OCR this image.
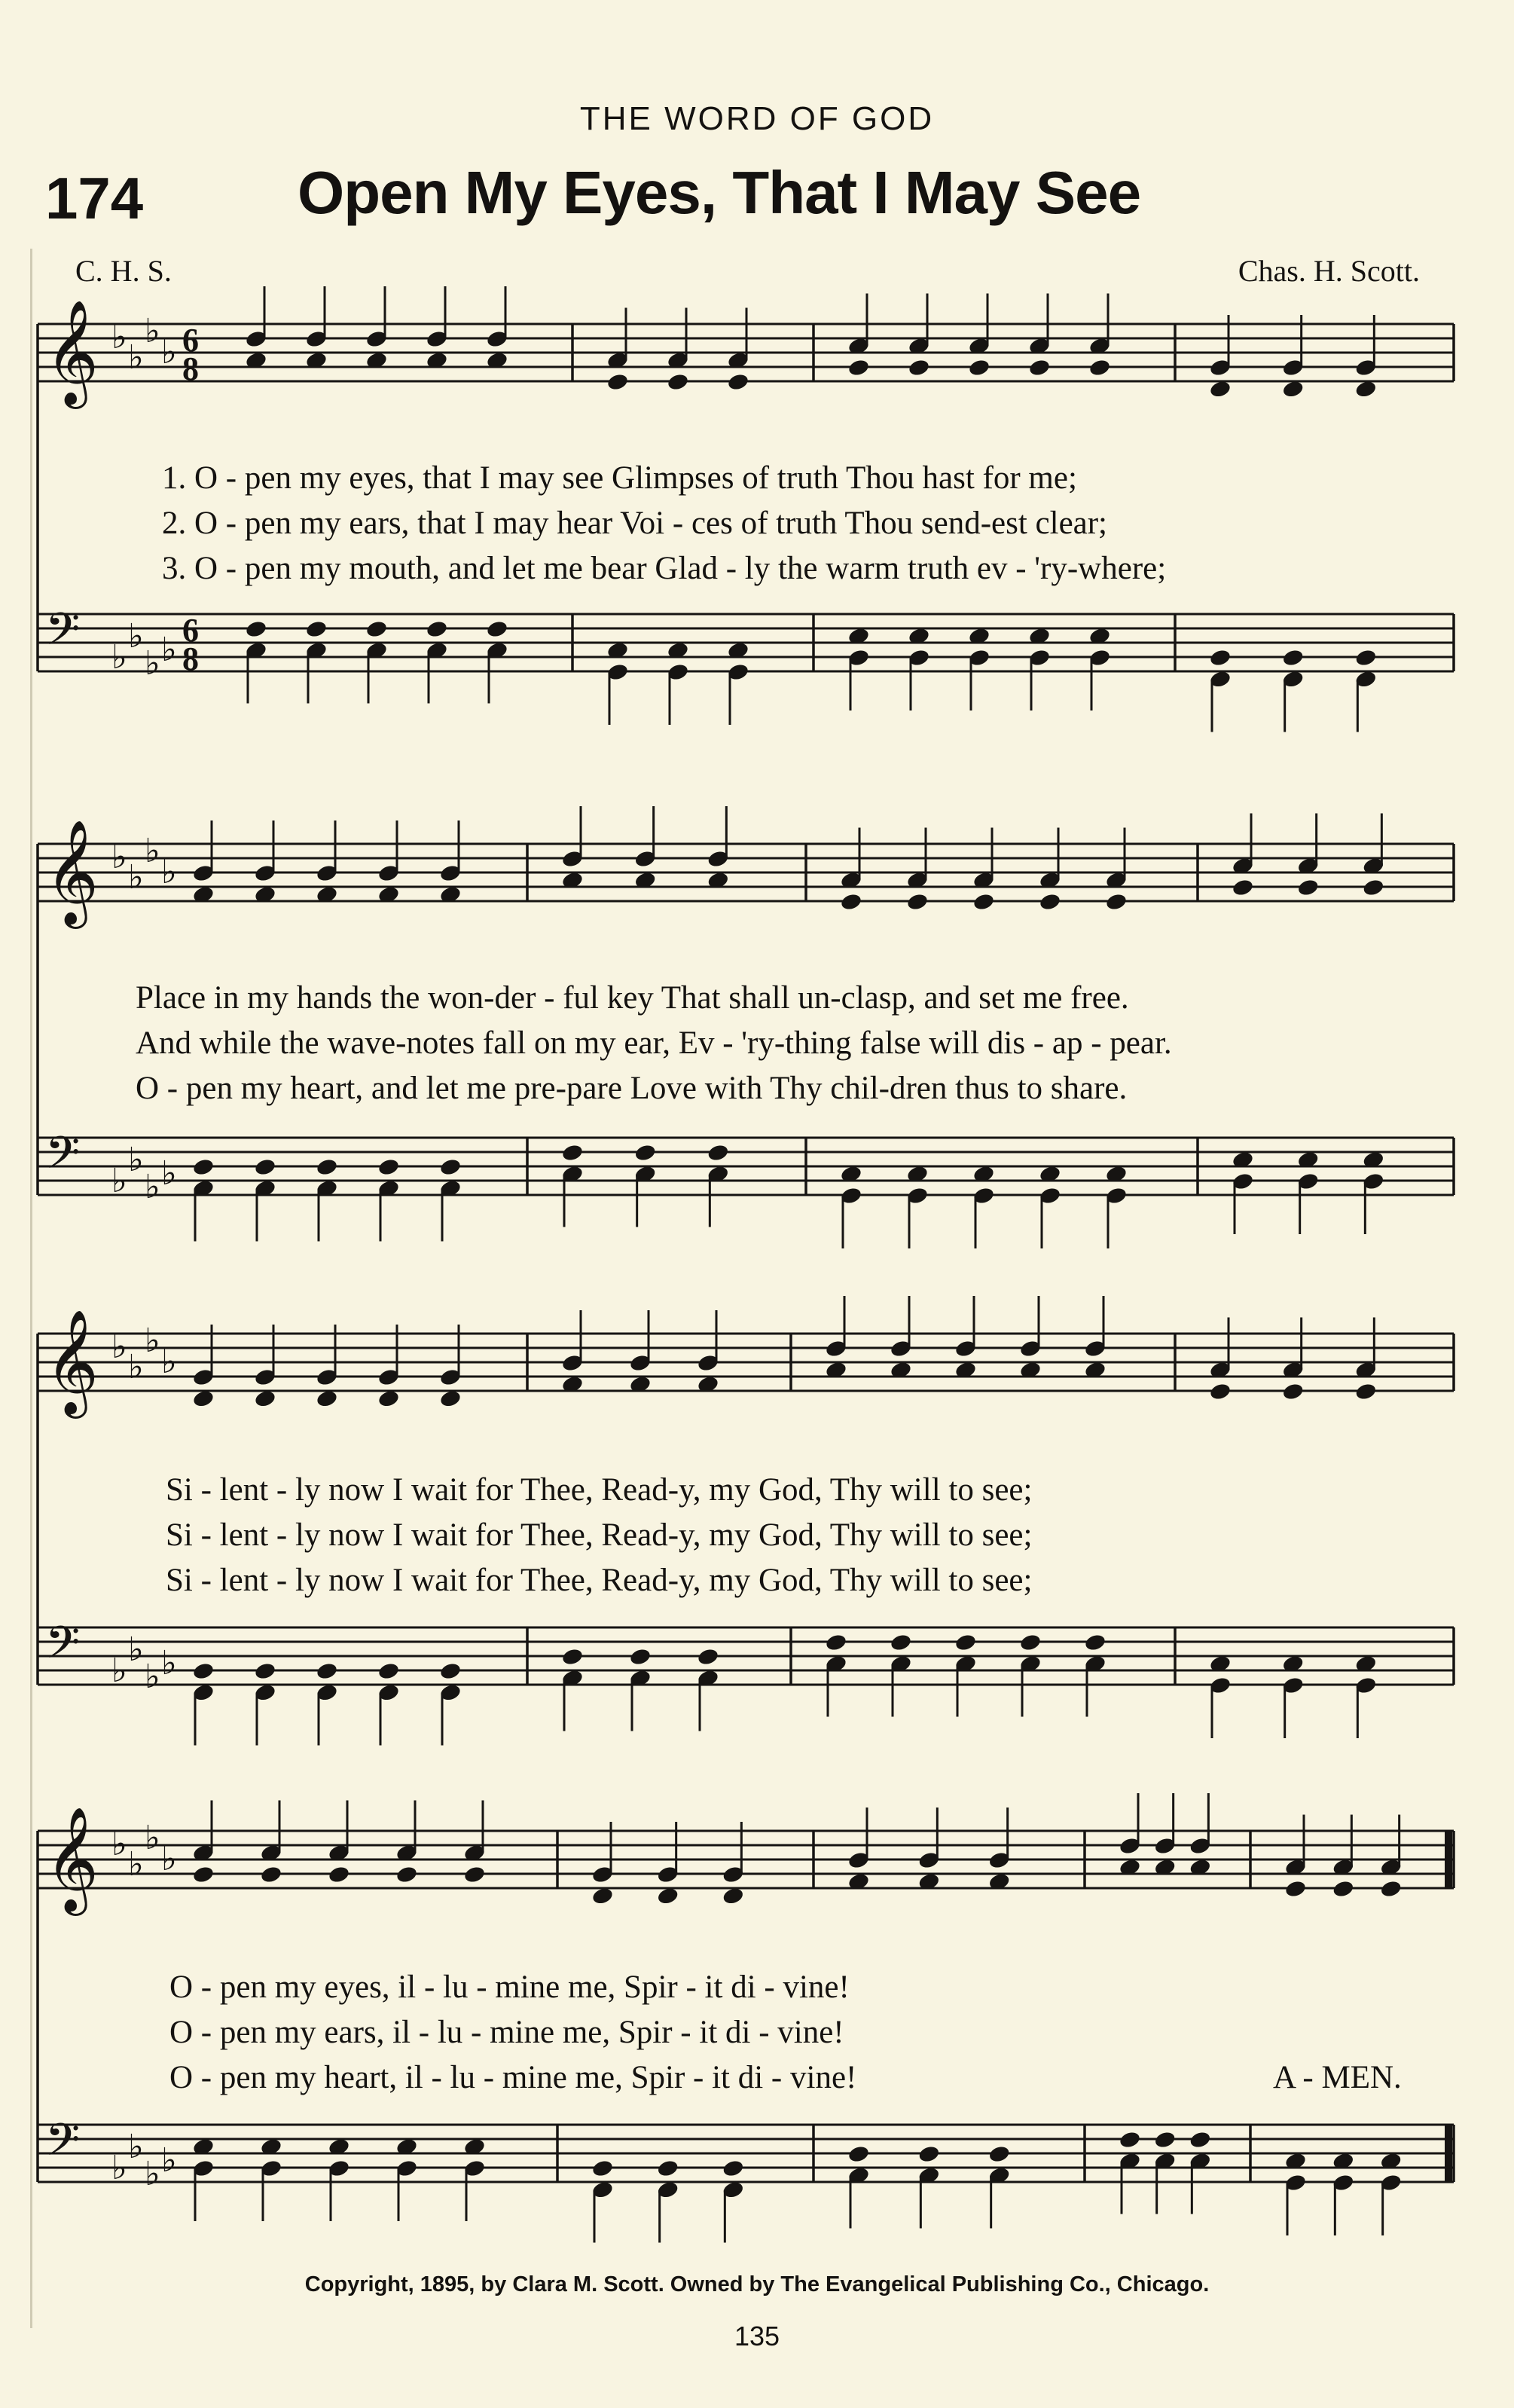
THE WORD OF GOD
174	Open My Eyes, That I May See
C. H. S.	Chas. H. Scott.
𝄞 ♭
♭
♭
♭ 6
8
𝄢 ♭
♭
♭ ♭
6
8
𝄞 ♭
♭
♭
♭
𝄢 ♭
♭
♭ ♭
𝄞 ♭
♭
♭
♭
𝄢 ♭
♭
♭ ♭
𝄞 ♭
♭
♭
♭
𝄢 ♭
♭
♭ ♭
1. O - pen my eyes, that I may see Glimpses of truth Thou hast for me;
2. O - pen my ears, that I may hear Voi - ces of truth Thou send-est clear;
3. O - pen my mouth, and let me bear Glad - ly the warm truth ev - 'ry-where;
Place in my hands the won-der - ful key That shall un-clasp, and set me free.
And while the wave-notes fall on my ear, Ev - 'ry-thing false will dis - ap - pear.
O - pen my heart, and let me pre-pare Love with Thy chil-dren thus to share.
Si - lent - ly now I wait for Thee, Read-y, my God, Thy will to see;
Si - lent - ly now I wait for Thee, Read-y, my God, Thy will to see;
Si - lent - ly now I wait for Thee, Read-y, my God, Thy will to see;
O - pen my eyes, il - lu - mine me, Spir - it di - vine!
O - pen my ears, il - lu - mine me, Spir - it di - vine!
O - pen my heart, il - lu - mine me, Spir - it di - vine!	A - MEN.
Copyright, 1895, by Clara M. Scott. Owned by The Evangelical Publishing Co., Chicago.
135
